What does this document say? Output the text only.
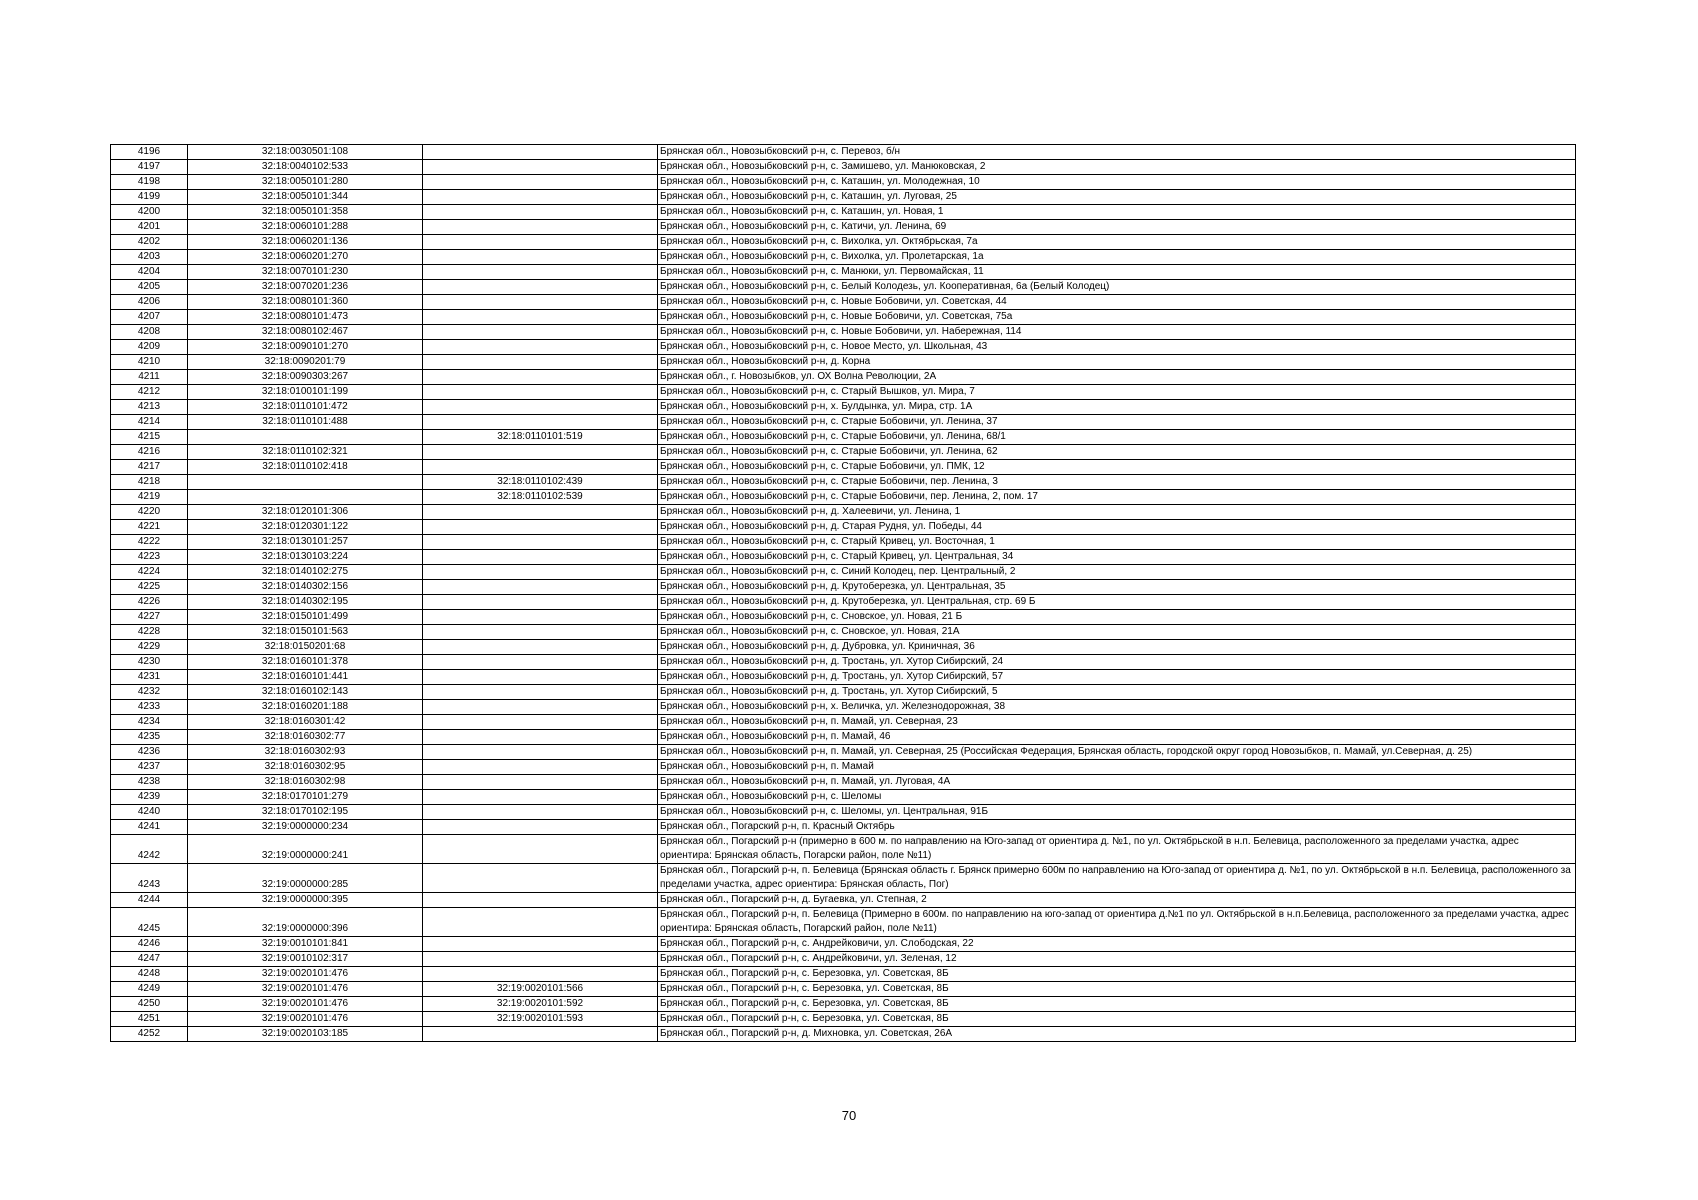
4196	32:18:0030501:108		Брянская обл., Новозыбковский р-н, с. Перевоз, б/н
4197	32:18:0040102:533		Брянская обл., Новозыбковский р-н, с. Замишево, ул. Манюковская, 2
4198	32:18:0050101:280		Брянская обл., Новозыбковский р-н, с. Каташин, ул. Молодежная, 10
4199	32:18:0050101:344		Брянская обл., Новозыбковский р-н, с. Каташин, ул. Луговая, 25
4200	32:18:0050101:358		Брянская обл., Новозыбковский р-н, с. Каташин, ул. Новая, 1
4201	32:18:0060101:288		Брянская обл., Новозыбковский р-н, с. Катичи, ул. Ленина, 69
4202	32:18:0060201:136		Брянская обл., Новозыбковский р-н, с. Вихолка, ул. Октябрьская, 7а
4203	32:18:0060201:270		Брянская обл., Новозыбковский р-н, с. Вихолка, ул. Пролетарская, 1а
4204	32:18:0070101:230		Брянская обл., Новозыбковский р-н, с. Манюки, ул. Первомайская, 11
4205	32:18:0070201:236		Брянская обл., Новозыбковский р-н, с. Белый Колодезь, ул. Кооперативная, 6а (Белый Колодец)
4206	32:18:0080101:360		Брянская обл., Новозыбковский р-н, с. Новые Бобовичи, ул. Советская, 44
4207	32:18:0080101:473		Брянская обл., Новозыбковский р-н, с. Новые Бобовичи, ул. Советская, 75а
4208	32:18:0080102:467		Брянская обл., Новозыбковский р-н, с. Новые Бобовичи, ул. Набережная, 114
4209	32:18:0090101:270		Брянская обл., Новозыбковский р-н, с. Новое Место, ул. Школьная, 43
4210	32:18:0090201:79		Брянская обл., Новозыбковский р-н, д. Корна
4211	32:18:0090303:267		Брянская обл., г. Новозыбков, ул. ОХ Волна Революции, 2А
4212	32:18:0100101:199		Брянская обл., Новозыбковский р-н, с. Старый Вышков, ул. Мира, 7
4213	32:18:0110101:472		Брянская обл., Новозыбковский р-н, х. Булдынка, ул. Мира, стр. 1А
4214	32:18:0110101:488		Брянская обл., Новозыбковский р-н, с. Старые Бобовичи, ул. Ленина, 37
4215		32:18:0110101:519	Брянская обл., Новозыбковский р-н, с. Старые Бобовичи, ул. Ленина, 68/1
4216	32:18:0110102:321		Брянская обл., Новозыбковский р-н, с. Старые Бобовичи, ул. Ленина, 62
4217	32:18:0110102:418		Брянская обл., Новозыбковский р-н, с. Старые Бобовичи, ул. ПМК, 12
4218		32:18:0110102:439	Брянская обл., Новозыбковский р-н, с. Старые Бобовичи, пер. Ленина, 3
4219		32:18:0110102:539	Брянская обл., Новозыбковский р-н, с. Старые Бобовичи, пер. Ленина, 2, пом. 17
4220	32:18:0120101:306		Брянская обл., Новозыбковский р-н, д. Халеевичи, ул. Ленина, 1
4221	32:18:0120301:122		Брянская обл., Новозыбковский р-н, д. Старая Рудня, ул. Победы, 44
4222	32:18:0130101:257		Брянская обл., Новозыбковский р-н, с. Старый Кривец, ул. Восточная, 1
4223	32:18:0130103:224		Брянская обл., Новозыбковский р-н, с. Старый Кривец, ул. Центральная, 34
4224	32:18:0140102:275		Брянская обл., Новозыбковский р-н, с. Синий Колодец, пер. Центральный, 2
4225	32:18:0140302:156		Брянская обл., Новозыбковский р-н, д. Крутоберезка, ул. Центральная, 35
4226	32:18:0140302:195		Брянская обл., Новозыбковский р-н, д. Крутоберезка, ул. Центральная, стр. 69 Б
4227	32:18:0150101:499		Брянская обл., Новозыбковский р-н, с. Сновское, ул. Новая, 21 Б
4228	32:18:0150101:563		Брянская обл., Новозыбковский р-н, с. Сновское, ул. Новая, 21А
4229	32:18:0150201:68		Брянская обл., Новозыбковский р-н, д. Дубровка, ул. Криничная, 36
4230	32:18:0160101:378		Брянская обл., Новозыбковский р-н, д. Тростань, ул. Хутор Сибирский, 24
4231	32:18:0160101:441		Брянская обл., Новозыбковский р-н, д. Тростань, ул. Хутор Сибирский, 57
4232	32:18:0160102:143		Брянская обл., Новозыбковский р-н, д. Тростань, ул. Хутор Сибирский, 5
4233	32:18:0160201:188		Брянская обл., Новозыбковский р-н, х. Величка, ул. Железнодорожная, 38
4234	32:18:0160301:42		Брянская обл., Новозыбковский р-н, п. Мамай, ул. Северная, 23
4235	32:18:0160302:77		Брянская обл., Новозыбковский р-н, п. Мамай, 46
4236	32:18:0160302:93		Брянская обл., Новозыбковский р-н, п. Мамай, ул. Северная, 25 (Российская Федерация, Брянская область, городской округ город Новозыбков, п. Мамай, ул.Северная, д. 25)
4237	32:18:0160302:95		Брянская обл., Новозыбковский р-н, п. Мамай
4238	32:18:0160302:98		Брянская обл., Новозыбковский р-н, п. Мамай, ул. Луговая, 4А
4239	32:18:0170101:279		Брянская обл., Новозыбковский р-н, с. Шеломы
4240	32:18:0170102:195		Брянская обл., Новозыбковский р-н, с. Шеломы, ул. Центральная, 91Б
4241	32:19:0000000:234		Брянская обл., Погарский р-н, п. Красный Октябрь
4242	32:19:0000000:241		Брянская обл., Погарский р-н (примерно в 600 м. по направлению на Юго-запад от ориентира д. №1, по ул. Октябрьской в н.п. Белевица, расположенного за пределами участка, адрес ориентира: Брянская область, Погарски район, поле №11)
4243	32:19:0000000:285		Брянская обл., Погарский р-н, п. Белевица (Брянская область г. Брянск примерно 600м по направлению на Юго-запад от ориентира д. №1, по ул. Октябрьской в н.п. Белевица, расположенного за пределами участка, адрес ориентира: Брянская область, Пог)
4244	32:19:0000000:395		Брянская обл., Погарский р-н, д. Бугаевка, ул. Степная, 2
4245	32:19:0000000:396		Брянская обл., Погарский р-н, п. Белевица (Примерно в 600м. по направлению на юго-запад от ориентира д.№1 по ул. Октябрьской в н.п.Белевица, расположенного за пределами участка, адрес ориентира: Брянская область, Погарский район, поле №11)
4246	32:19:0010101:841		Брянская обл., Погарский р-н, с. Андрейковичи, ул. Слободская, 22
4247	32:19:0010102:317		Брянская обл., Погарский р-н, с. Андрейковичи, ул. Зеленая, 12
4248	32:19:0020101:476		Брянская обл., Погарский р-н, с. Березовка, ул. Советская, 8Б
4249	32:19:0020101:476	32:19:0020101:566	Брянская обл., Погарский р-н, с. Березовка, ул. Советская, 8Б
4250	32:19:0020101:476	32:19:0020101:592	Брянская обл., Погарский р-н, с. Березовка, ул. Советская, 8Б
4251	32:19:0020101:476	32:19:0020101:593	Брянская обл., Погарский р-н, с. Березовка, ул. Советская, 8Б
4252	32:19:0020103:185		Брянская обл., Погарский р-н, д. Михновка, ул. Советская, 26А
70
